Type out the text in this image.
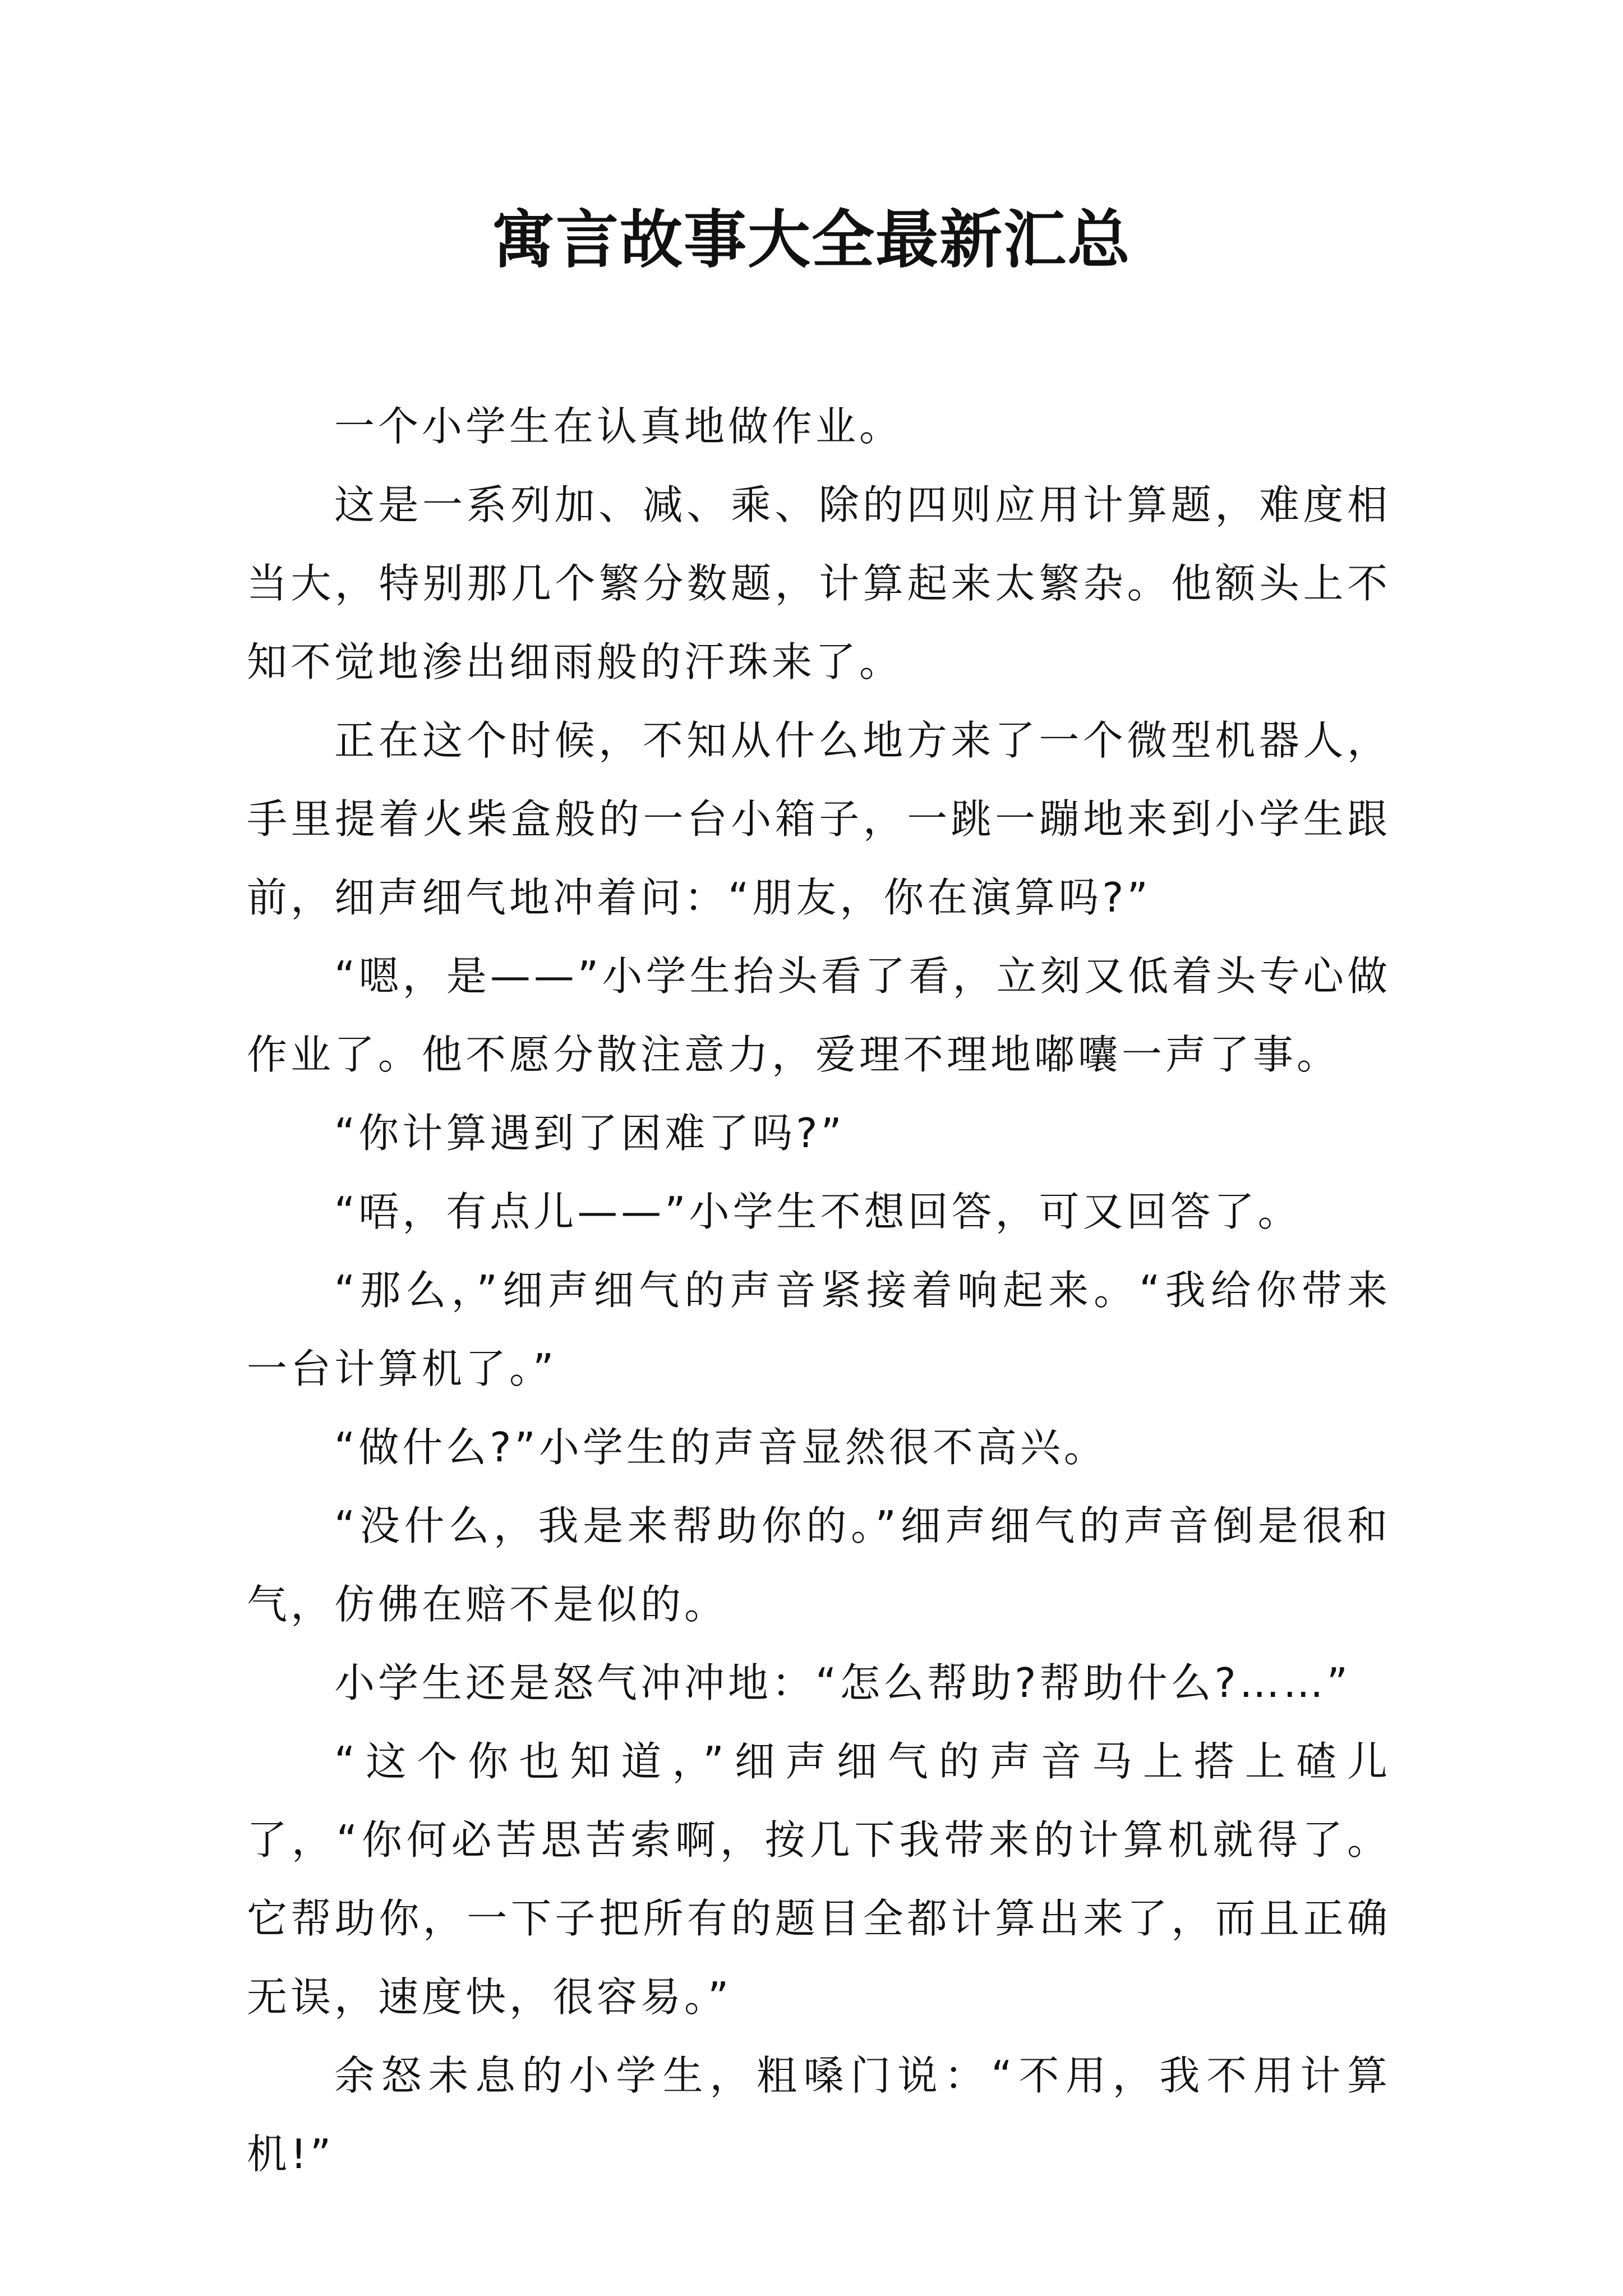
寓言故事大全最新汇总

一个小学生在认真地做作业。

这是一系列加、减、乘、除的四则应用计算题，难度相当大，特别那几个繁分数题，计算起来太繁杂。他额头上不知不觉地渗出细雨般的汗珠来了。

正在这个时候，不知从什么地方来了一个微型机器人，手里提着火柴盒般的一台小箱子，一跳一蹦地来到小学生跟前，细声细气地冲着问：“朋友，你在演算吗?”

“嗯，是——”小学生抬头看了看，立刻又低着头专心做作业了。他不愿分散注意力，爱理不理地嘟囔一声了事。

“你计算遇到了困难了吗?”

“唔，有点儿——”小学生不想回答，可又回答了。

“那么，”细声细气的声音紧接着响起来。“我给你带来一台计算机了。”

“做什么?”小学生的声音显然很不高兴。

“没什么，我是来帮助你的。”细声细气的声音倒是很和气，仿佛在赔不是似的。

小学生还是怒气冲冲地：“怎么帮助?帮助什么?……”

“这个你也知道，”细声细气的声音马上搭上碴儿了，“你何必苦思苦索啊，按几下我带来的计算机就得了。它帮助你，一下子把所有的题目全都计算出来了，而且正确无误，速度快，很容易。”

余怒未息的小学生，粗嗓门说：“不用，我不用计算机!”
